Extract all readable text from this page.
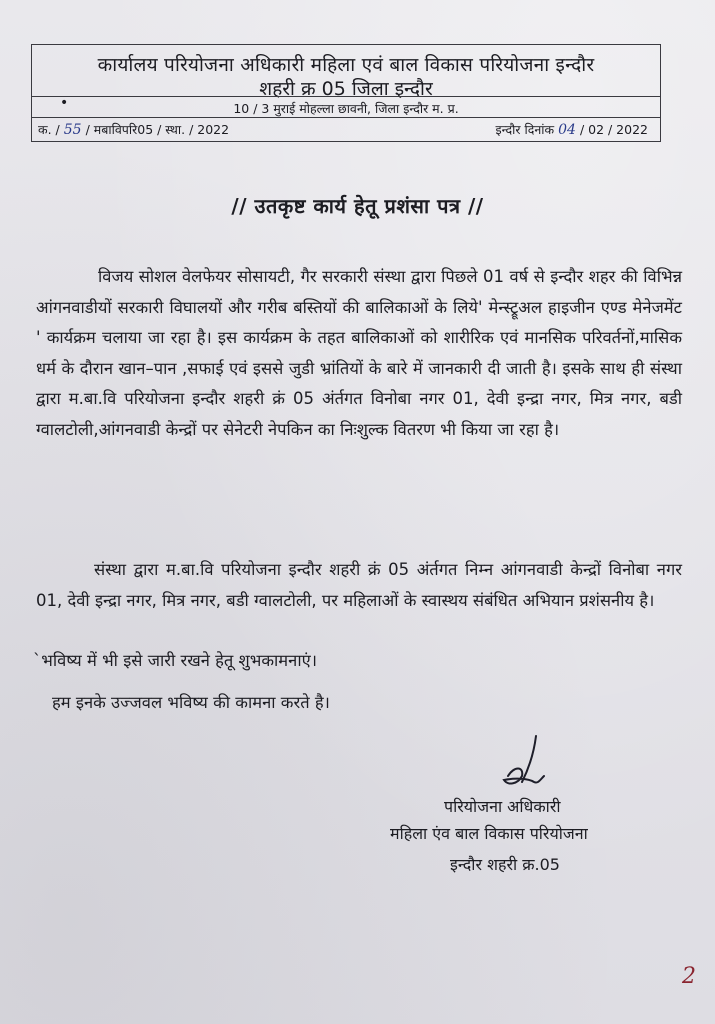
कार्यालय परियोजना अधिकारी महिला एवं बाल विकास परियोजना इन्दौर
शहरी क्र 05 जिला इन्दौर
•	10 / 3 मुराई मोहल्ला छावनी, जिला इन्दौर म. प्र.
क. / 55 / मबाविपरि05 / स्था. / 2022	इन्दौर दिनांक 04 / 02 / 2022
// उतकृष्ट कार्य हेतू प्रशंसा पत्र //
विजय सोशल वेलफेयर सोसायटी, गैर सरकारी संस्था द्वारा पिछले 01 वर्ष से इन्दौर शहर की विभिन्न आंगनवाडीयों सरकारी विघालयों और गरीब बस्तियों की बालिकाओं के लिये' मेन्स्ट्रूअल हाइजीन एण्ड मेनेजमेंट ' कार्यक्रम चलाया जा रहा है। इस कार्यक्रम के तहत बालिकाओं को शारीरिक एवं मानसिक परिवर्तनों,मासिक धर्म के दौरान खान–पान ,सफाई एवं इससे जुडी भ्रांतियों के बारे में जानकारी दी जाती है। इसके साथ ही संस्था द्वारा म.बा.वि परियोजना इन्दौर शहरी क्रं 05 अंर्तगत विनोबा नगर 01, देवी इन्द्रा नगर, मित्र नगर, बडी ग्वालटोली,आंगनवाडी केन्द्रों पर सेनेटरी नेपकिन का निःशुल्क वितरण भी किया जा रहा है।
संस्था द्वारा म.बा.वि परियोजना इन्दौर शहरी क्रं 05 अंर्तगत निम्न आंगनवाडी केन्द्रों विनोबा नगर 01, देवी इन्द्रा नगर, मित्र नगर, बडी ग्वालटोली, पर महिलाओं के स्वास्थय संबंधित अभियान प्रशंसनीय है।
`भविष्य में भी इसे जारी रखने हेतू शुभकामनाएं।
हम इनके उज्जवल भविष्य की कामना करते है।
परियोजना अधिकारी
महिला एंव बाल विकास परियोजना
इन्दौर शहरी क्र.05
2
